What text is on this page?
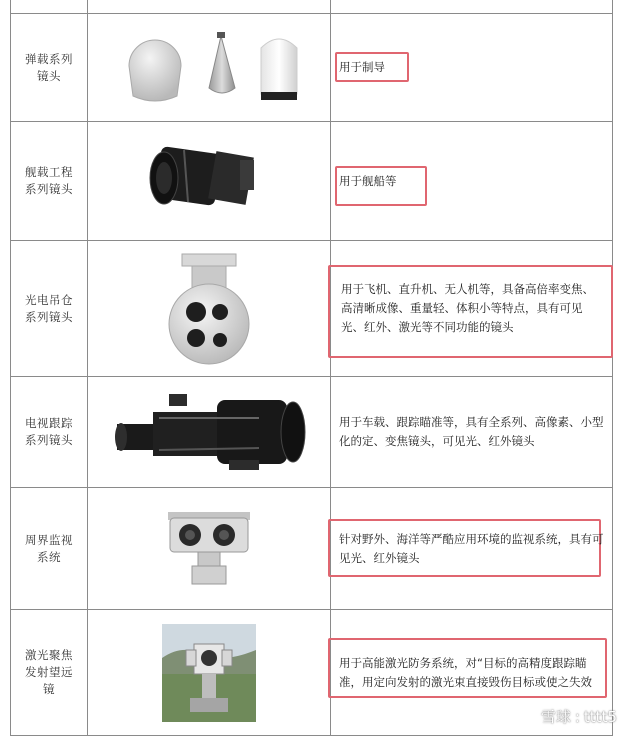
弹载系列镜头		用于制导
舰载工程系列镜头		用于舰船等
光电吊仓系列镜头		用于飞机、直升机、无人机等，具备高倍率变焦、高清晰成像、重量轻、体积小等特点，具有可见光、红外、激光等不同功能的镜头
电视跟踪系列镜头		用于车载、跟踪瞄准等，具有全系列、高像素、小型化的定、变焦镜头，可见光、红外镜头
周界监视系统		针对野外、海洋等严酷应用环境的监视系统，具有可见光、红外镜头
激光聚焦发射望远镜		用于高能激光防务系统，对“目标的高精度跟踪瞄准，用定向发射的激光束直接毁伤目标或使之失效
雪球 : tttt5
